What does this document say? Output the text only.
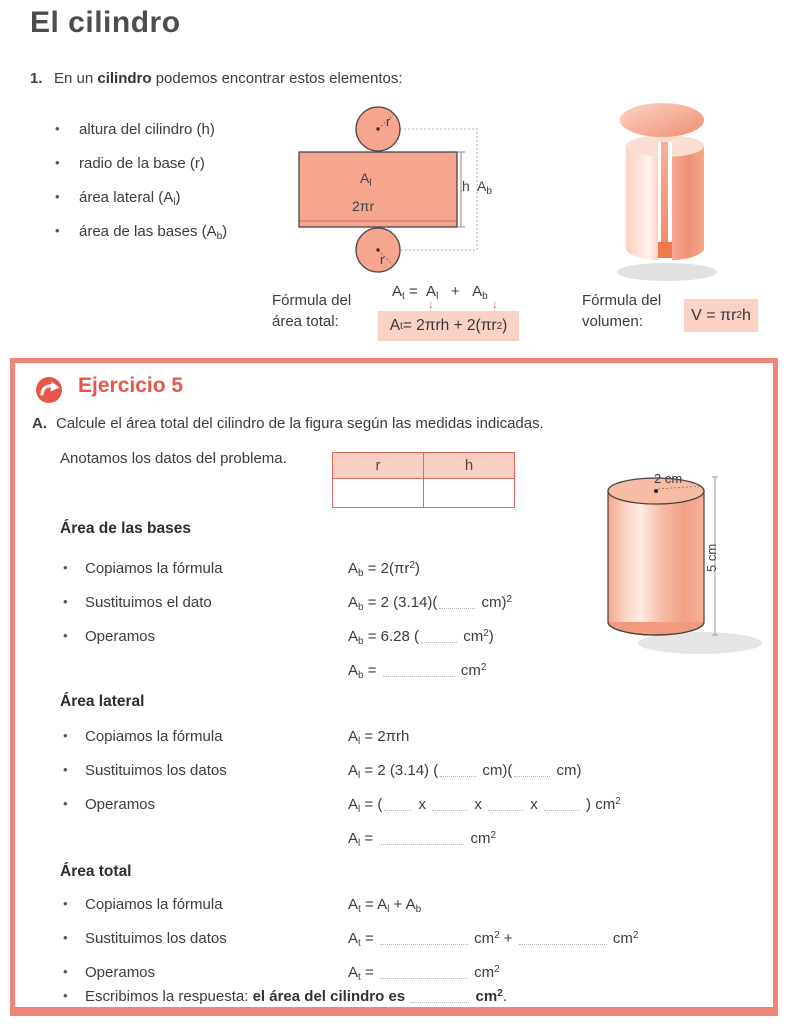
El cilindro
1. En un cilindro podemos encontrar estos elementos:
• altura del cilindro (h)
• radio de la base (r)
• área lateral $(A_l)$
• área de las bases $(A_b)$
$A_l$
2πr
r
r
h $A_b$
Fórmula del
área total:
$A_t = A_l + A_b$
↓	↓
A t = 2πrh + 2(πr 2 )
Fórmula del
volumen:	V = πr 2 h
Ejercicio 5
A. Calcule el área total del cilindro de la figura según las medidas indicadas.
Anotamos los datos del problema.	r	h

2 cm
5 cm
Área de las bases
• Copiamos la fórmula	$A_b = 2(\pi r^2)$
• Sustituimos el dato	$A_b = 2$ (3.14)(	cm)$^2$
• Operamos	$A_b = 6.28$ (	$cm^2$)
$A_b$ =	$cm^2$
Área lateral
• Copiamos la fórmula	$A_l = 2\pi rh$
• Sustituimos los datos	$A_l = 2$ (3.14) (	cm)(	cm)
• Operamos	$A_l$ = ( x	x	x	) $cm^2$
$A_l$ =	$cm^2$
Área total
• Copiamos la fórmula	$A_t = A_l + A_b$
• Sustituimos los datos	$A_t$ =	$cm^2$ +	$cm^2$
• Operamos	$A_t$ =	$cm^2$
• Escribimos la respuesta: el área del cilindro es	$cm^2$.
